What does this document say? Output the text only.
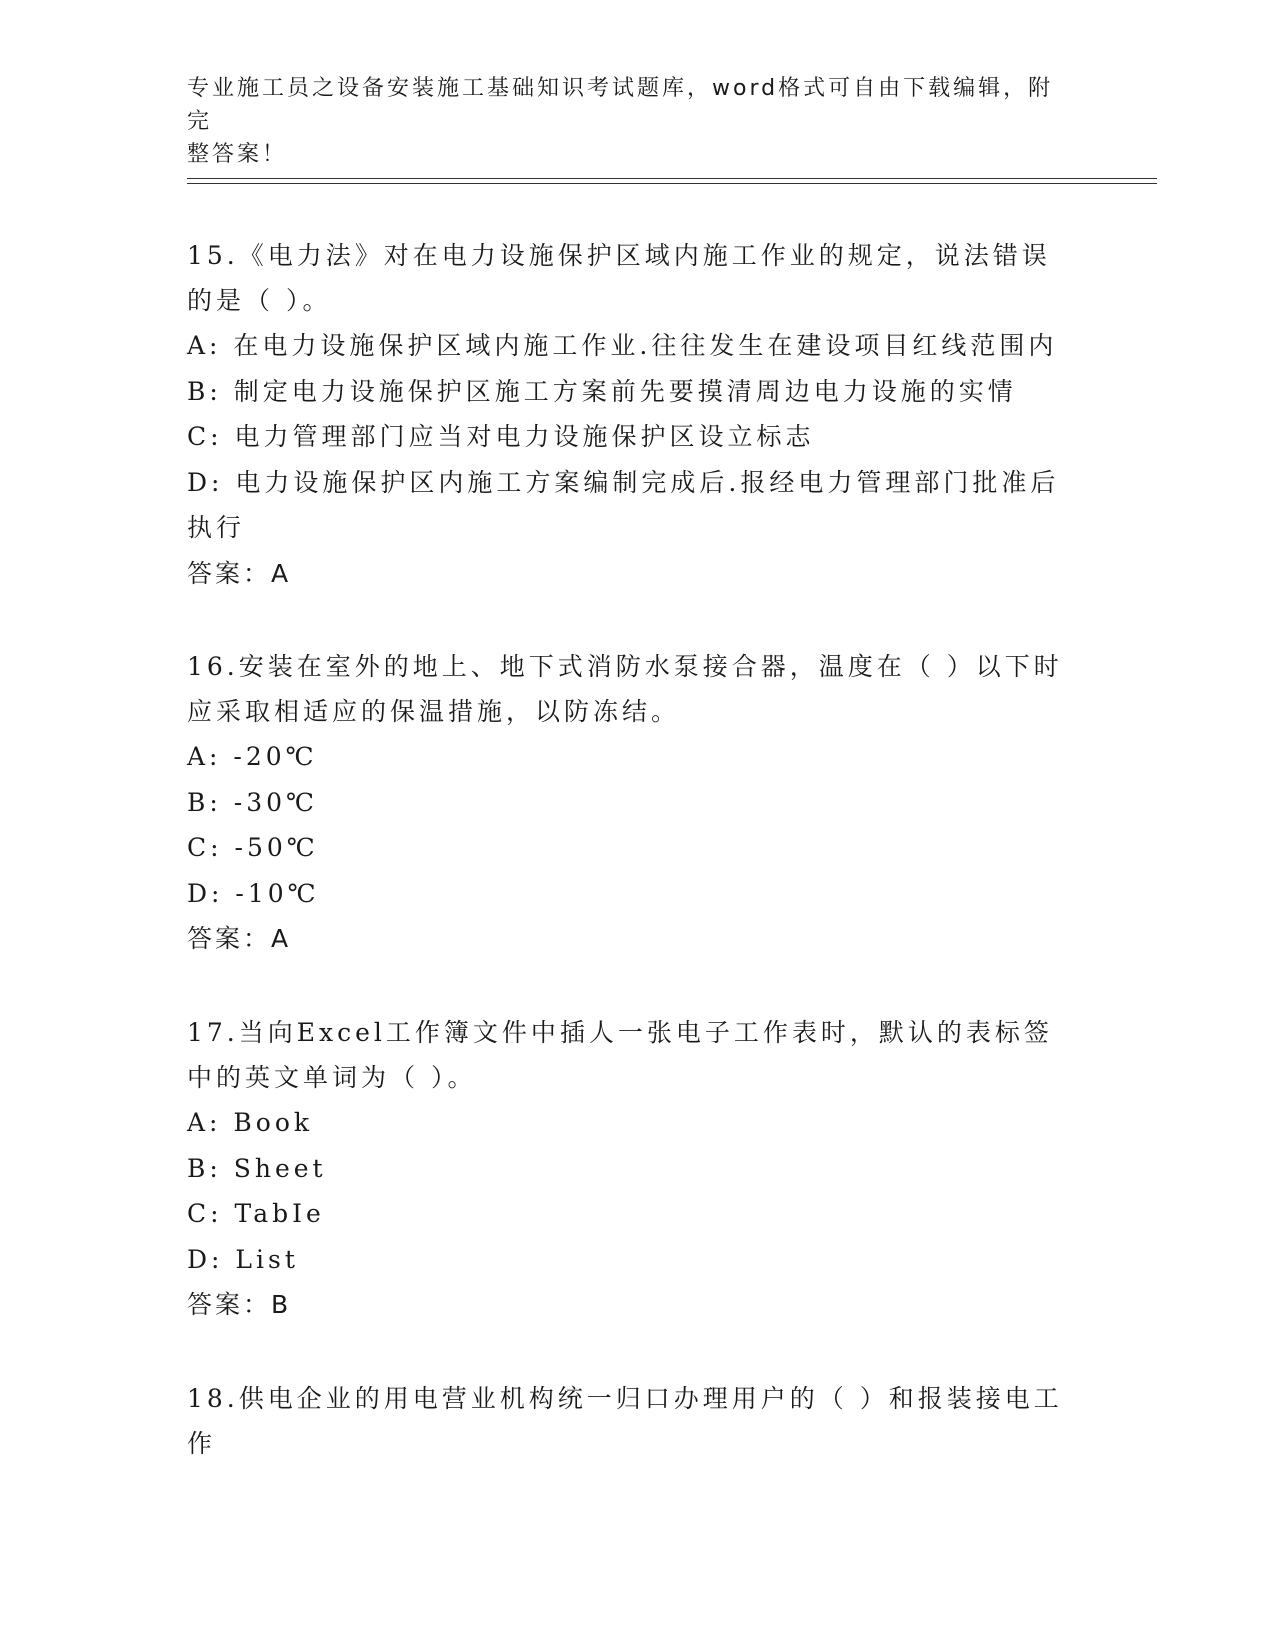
专业施工员之设备安装施工基础知识考试题库，word格式可自由下载编辑，附完
整答案！

15.《电力法》对在电力设施保护区域内施工作业的规定，说法错误的是（ ）。

A: 在电力设施保护区域内施工作业.往往发生在建设项目红线范围内

B: 制定电力设施保护区施工方案前先要摸清周边电力设施的实情

C: 电力管理部门应当对电力设施保护区设立标志

D: 电力设施保护区内施工方案编制完成后.报经电力管理部门批准后执行

答案：A

16.安装在室外的地上、地下式消防水泵接合器，温度在（ ）以下时应采取相适应的保温措施，以防冻结。

A: -20℃

B: -30℃

C: -50℃

D: -10℃

答案：A

17.当向Excel工作簿文件中插人一张电子工作表时，默认的表标签中的英文单词为（ ）。

A: Book

B: Sheet

C: TabIe

D: List

答案：B

18.供电企业的用电营业机构统一归口办理用户的（ ）和报装接电工作
